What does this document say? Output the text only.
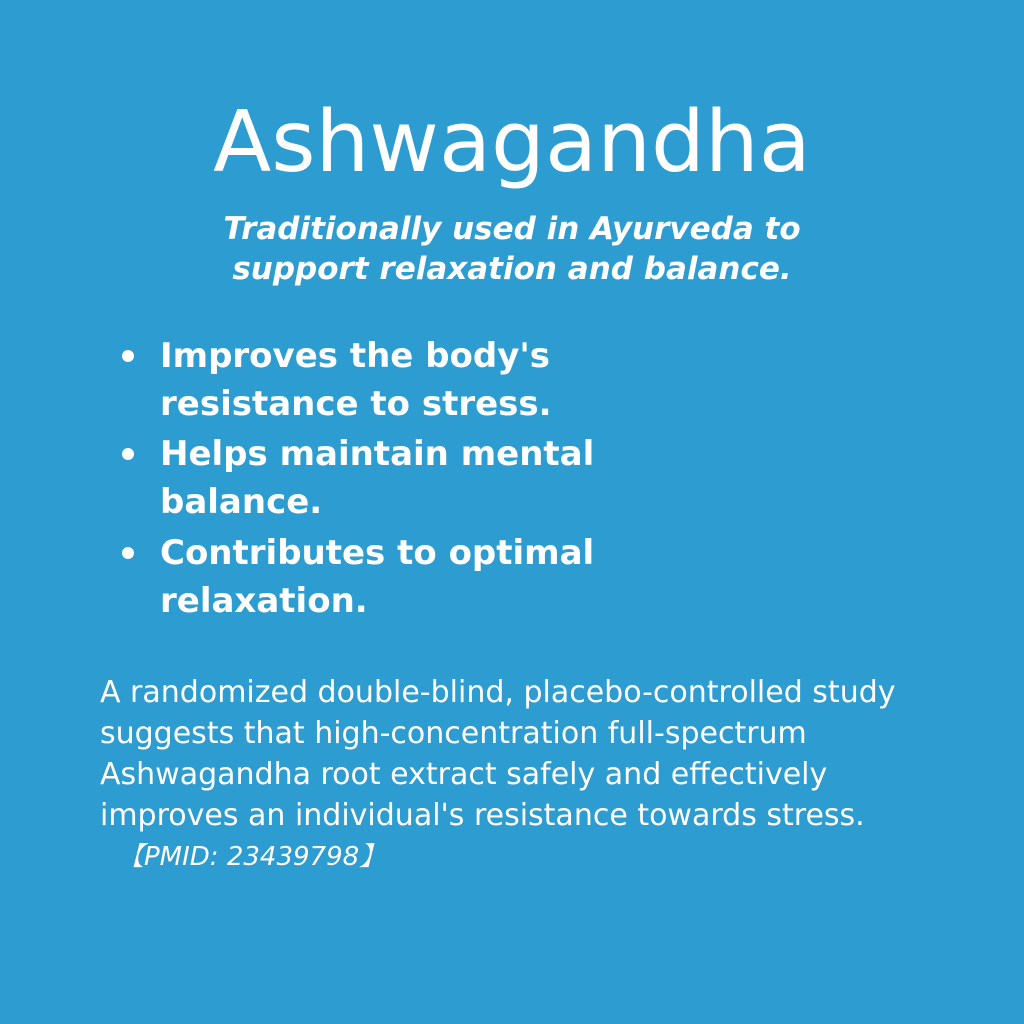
Ashwagandha

Traditionally used in Ayurveda to support relaxation and balance.

Improves the body's resistance to stress.
Helps maintain mental balance.
Contributes to optimal relaxation.

A randomized double-blind, placebo-controlled study suggests that high-concentration full-spectrum Ashwagandha root extract safely and effectively improves an individual's resistance towards stress.【PMID: 23439798】
